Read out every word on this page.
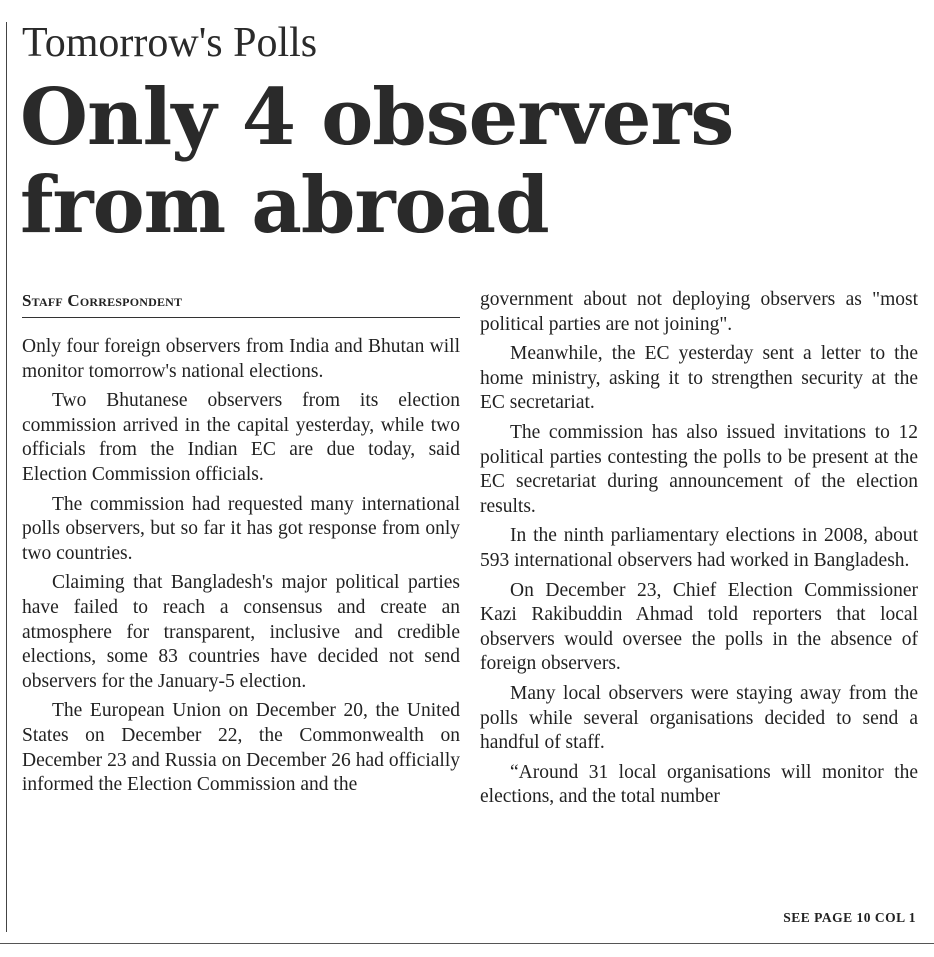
Tomorrow's Polls
Only 4 observers
from abroad
Staff Correspondent

Only four foreign observers from India and Bhutan will monitor tomorrow's national elections.

Two Bhutanese observers from its election commission arrived in the capital yesterday, while two officials from the Indian EC are due today, said Election Commission officials.

The commission had requested many international polls observers, but so far it has got response from only two countries.

Claiming that Bangladesh's major political parties have failed to reach a consensus and create an atmosphere for transparent, inclusive and credible elections, some 83 countries have decided not send observers for the January-5 election.

The European Union on December 20, the United States on December 22, the Commonwealth on December 23 and Russia on December 26 had officially informed the Election Commission and the

government about not deploying observers as "most political parties are not joining".

Meanwhile, the EC yesterday sent a letter to the home ministry, asking it to strengthen security at the EC secretariat.

The commission has also issued invitations to 12 political parties contesting the polls to be present at the EC secretariat during announcement of the election results.

In the ninth parliamentary elections in 2008, about 593 international observers had worked in Bangladesh.

On December 23, Chief Election Commissioner Kazi Rakibuddin Ahmad told reporters that local observers would oversee the polls in the absence of foreign observers.

Many local observers were staying away from the polls while several organisations decided to send a handful of staff.

“Around 31 local organisations will monitor the elections, and the total number

SEE PAGE 10 COL 1
